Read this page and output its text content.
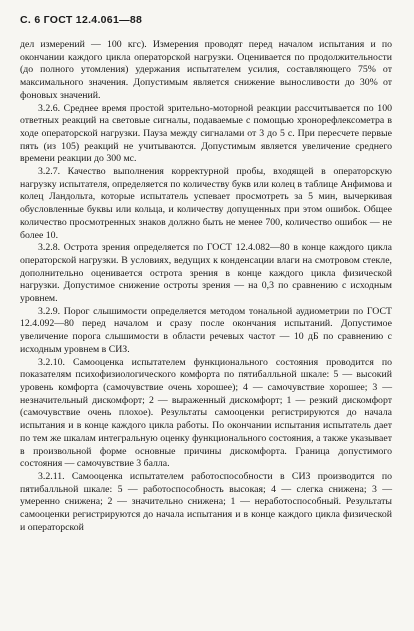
С. 6 ГОСТ 12.4.061—88

дел измерений — 100 кгс). Измерения проводят перед началом испытания и по окончании каждого цикла операторской нагрузки. Оценивается по продолжительности (до полного утомления) удержания испытателем усилия, составляющего 75% от максимального значения. Допустимым является снижение выносливости до 30% от фоновых значений.

3.2.6. Среднее время простой зрительно-моторной реакции рассчитывается по 100 ответных реакций на световые сигналы, подаваемые с помощью хронорефлексометра в ходе операторской нагрузки. Пауза между сигналами от 3 до 5 с. При пересчете первые пять (из 105) реакций не учитываются. Допустимым является увеличение среднего времени реакции до 300 мс.

3.2.7. Качество выполнения корректурной пробы, входящей в операторскую нагрузку испытателя, определяется по количеству букв или колец в таблице Анфимова и колец Ландольта, которые испытатель успевает просмотреть за 5 мин, вычеркивая обусловленные буквы или кольца, и количеству допущенных при этом ошибок. Общее количество просмотренных знаков должно быть не менее 700, количество ошибок — не более 10.

3.2.8. Острота зрения определяется по ГОСТ 12.4.082—80 в конце каждого цикла операторской нагрузки. В условиях, ведущих к конденсации влаги на смотровом стекле, дополнительно оценивается острота зрения в конце каждого цикла физической нагрузки. Допустимое снижение остроты зрения — на 0,3 по сравнению с исходным уровнем.

3.2.9. Порог слышимости определяется методом тональной аудиометрии по ГОСТ 12.4.092—80 перед началом и сразу после окончания испытаний. Допустимое увеличение порога слышимости в области речевых частот — 10 дБ по сравнению с исходным уровнем в СИЗ.

3.2.10. Самооценка испытателем функционального состояния проводится по показателям психофизиологического комфорта по пятибалльной шкале: 5 — высокий уровень комфорта (самочувствие очень хорошее); 4 — самочувствие хорошее; 3 — незначительный дискомфорт; 2 — выраженный дискомфорт; 1 — резкий дискомфорт (самочувствие очень плохое). Результаты самооценки регистрируются до начала испытания и в конце каждого цикла работы. По окончании испытания испытатель дает по тем же шкалам интегральную оценку функционального состояния, а также указывает в произвольной форме основные причины дискомфорта. Граница допустимого состояния — самочувствие 3 балла.

3.2.11. Самооценка испытателем работоспособности в СИЗ производится по пятибалльной шкале: 5 — работоспособность высокая; 4 — слегка снижена; 3 — умеренно снижена; 2 — значительно снижена; 1 — неработоспособный. Результаты самооценки регистрируются до начала испытания и в конце каждого цикла физической и операторской
